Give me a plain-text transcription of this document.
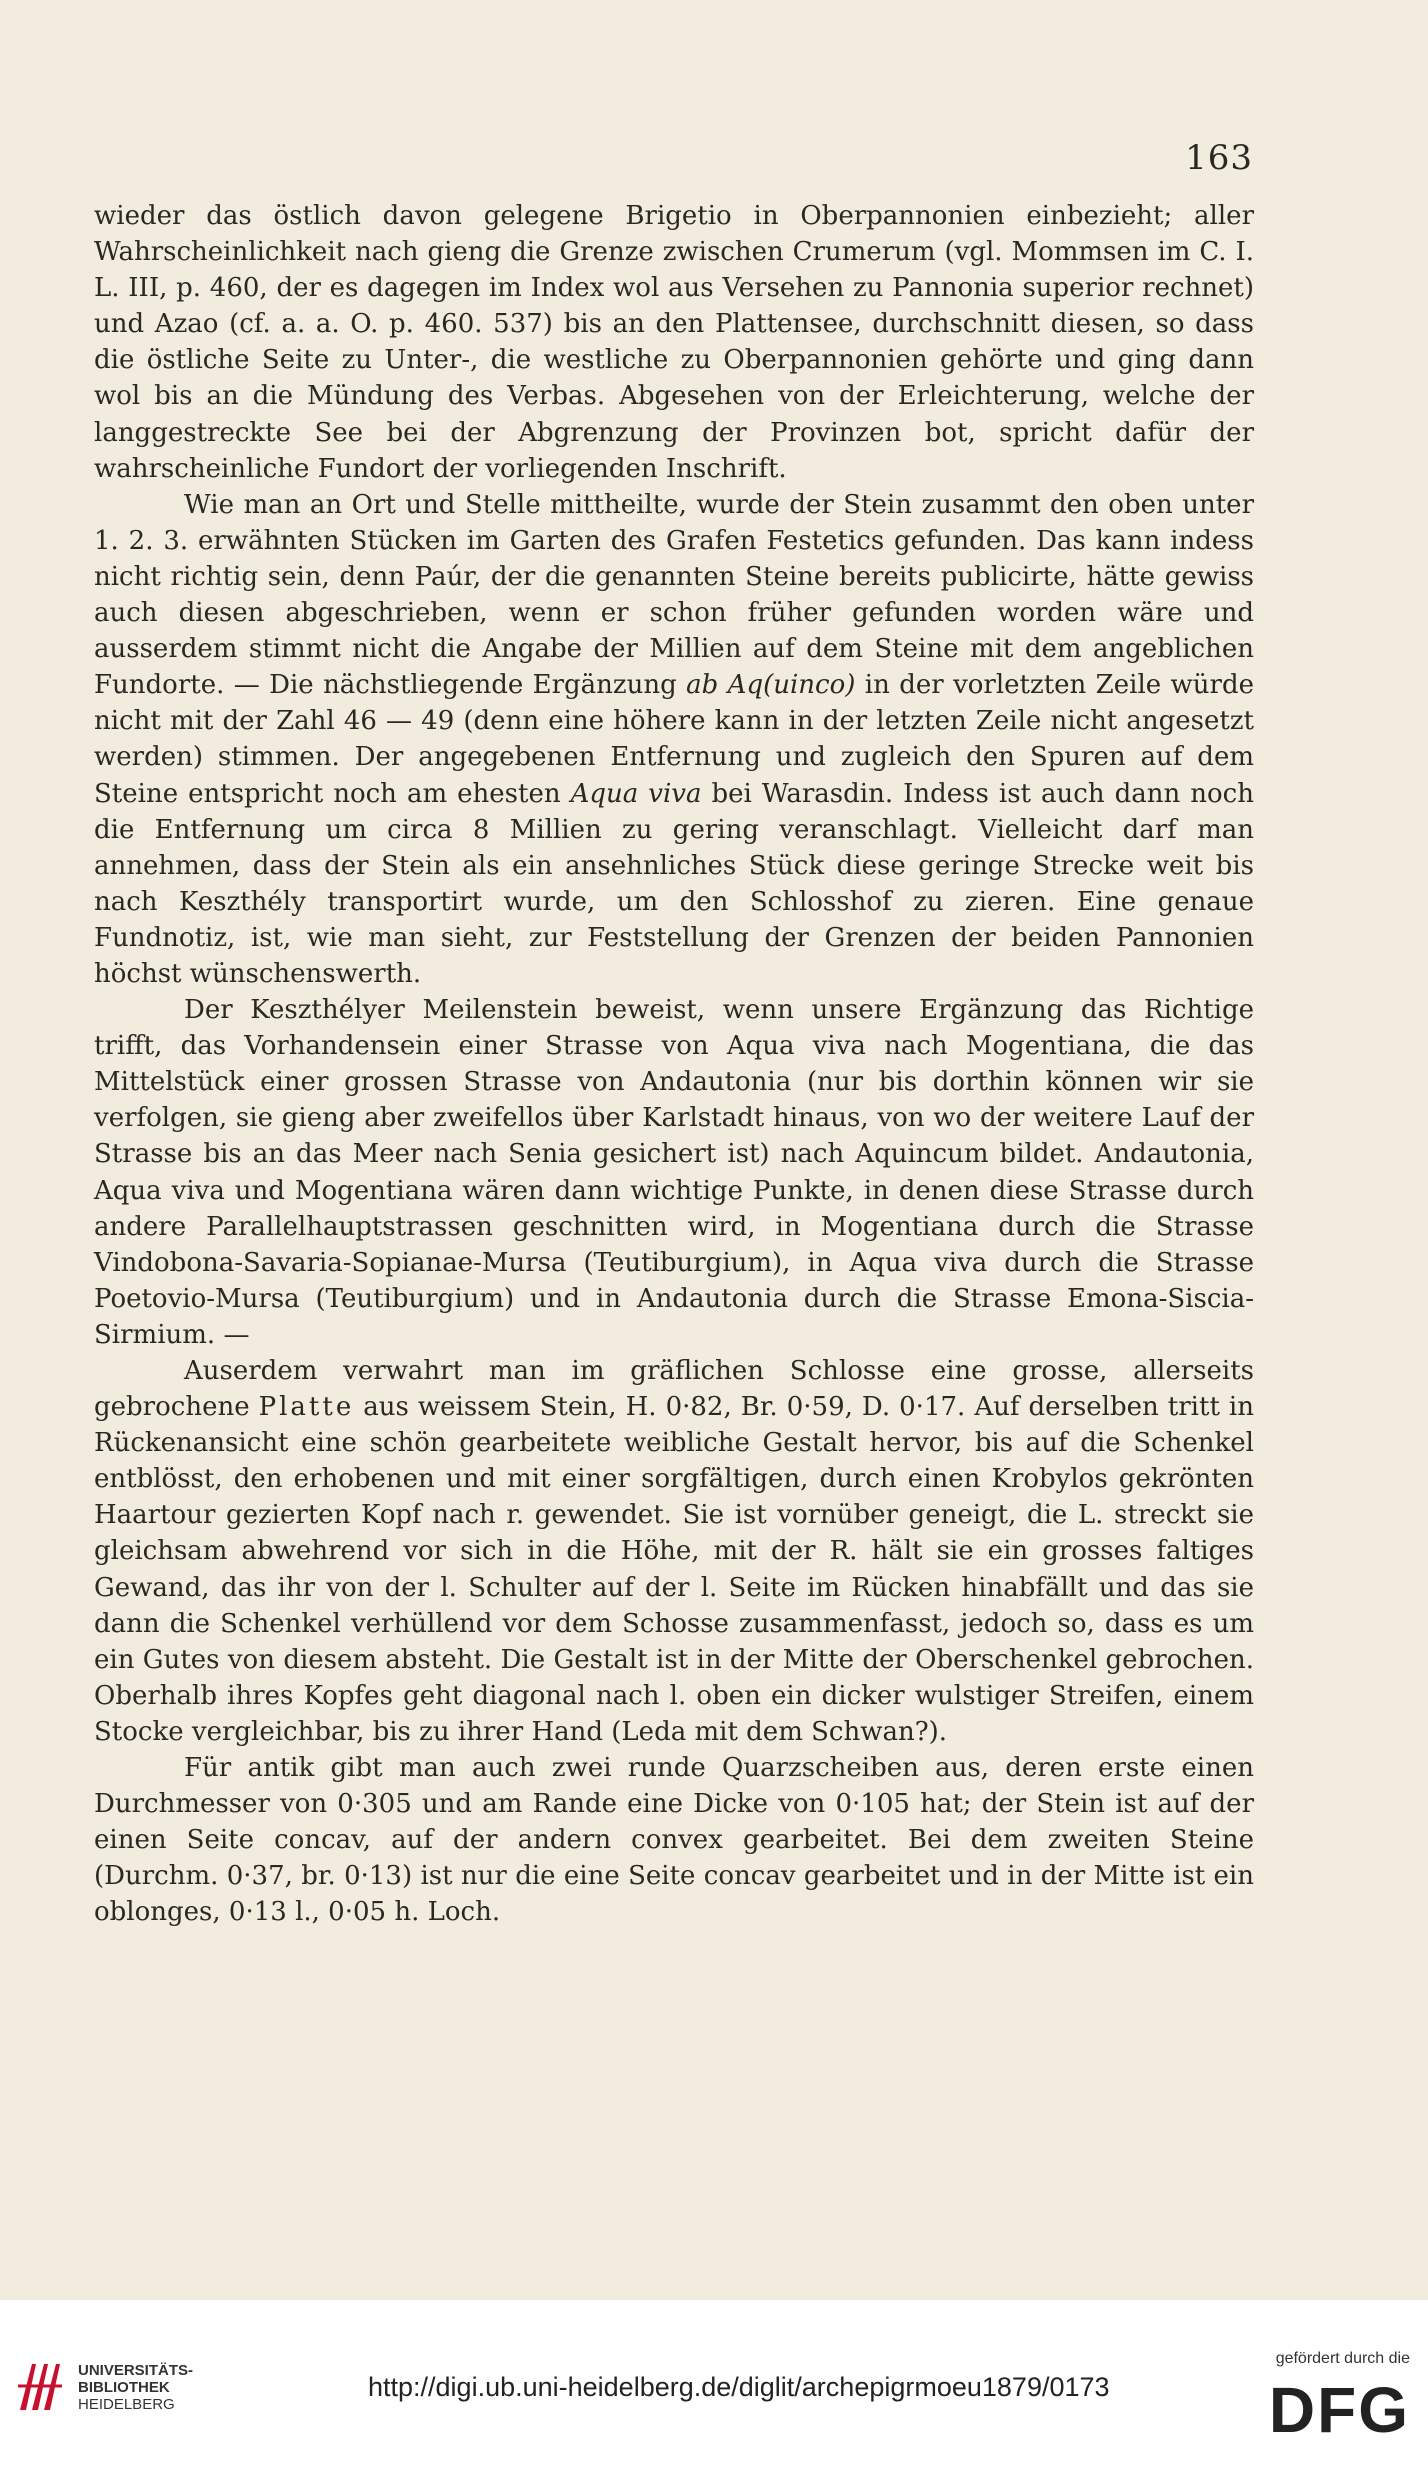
163

wieder das östlich davon gelegene Brigetio in Oberpannonien einbezieht; aller Wahrscheinlichkeit nach gieng die Grenze zwischen Crumerum (vgl. Mommsen im C. I. L. III, p. 460, der es dagegen im Index wol aus Versehen zu Pannonia superior rechnet) und Azao (cf. a. a. O. p. 460. 537) bis an den Plattensee, durchschnitt diesen, so dass die östliche Seite zu Unter-, die westliche zu Oberpannonien gehörte und ging dann wol bis an die Mündung des Verbas. Abgesehen von der Erleichterung, welche der langgestreckte See bei der Abgrenzung der Provinzen bot, spricht dafür der wahrscheinliche Fundort der vorliegenden Inschrift.

Wie man an Ort und Stelle mittheilte, wurde der Stein zusammt den oben unter 1. 2. 3. erwähnten Stücken im Garten des Grafen Festetics gefunden. Das kann indess nicht richtig sein, denn Paúr, der die genannten Steine bereits publicirte, hätte gewiss auch diesen abgeschrieben, wenn er schon früher gefunden worden wäre und ausserdem stimmt nicht die Angabe der Millien auf dem Steine mit dem angeblichen Fundorte. — Die nächstliegende Ergänzung ab Aq(uinco) in der vorletzten Zeile würde nicht mit der Zahl 46 — 49 (denn eine höhere kann in der letzten Zeile nicht angesetzt werden) stimmen. Der angegebenen Entfernung und zugleich den Spuren auf dem Steine entspricht noch am ehesten Aqua viva bei Warasdin. Indess ist auch dann noch die Entfernung um circa 8 Millien zu gering veranschlagt. Vielleicht darf man annehmen, dass der Stein als ein ansehnliches Stück diese geringe Strecke weit bis nach Keszthély transportirt wurde, um den Schlosshof zu zieren. Eine genaue Fundnotiz, ist, wie man sieht, zur Feststellung der Grenzen der beiden Pannonien höchst wünschenswerth.

Der Keszthélyer Meilenstein beweist, wenn unsere Ergänzung das Richtige trifft, das Vorhandensein einer Strasse von Aqua viva nach Mogentiana, die das Mittelstück einer grossen Strasse von Andautonia (nur bis dorthin können wir sie verfolgen, sie gieng aber zweifellos über Karlstadt hinaus, von wo der weitere Lauf der Strasse bis an das Meer nach Senia gesichert ist) nach Aquincum bildet. Andautonia, Aqua viva und Mogentiana wären dann wichtige Punkte, in denen diese Strasse durch andere Parallelhauptstrassen geschnitten wird, in Mogentiana durch die Strasse Vindobona-Savaria-Sopianae-Mursa (Teutiburgium), in Aqua viva durch die Strasse Poetovio-Mursa (Teutiburgium) und in Andautonia durch die Strasse Emona-Siscia-Sirmium. —

Auserdem verwahrt man im gräflichen Schlosse eine grosse, allerseits gebrochene Platte aus weissem Stein, H. 0·82, Br. 0·59, D. 0·17. Auf derselben tritt in Rückenansicht eine schön gearbeitete weibliche Gestalt hervor, bis auf die Schenkel entblösst, den erhobenen und mit einer sorgfältigen, durch einen Krobylos gekrönten Haartour gezierten Kopf nach r. gewendet. Sie ist vornüber geneigt, die L. streckt sie gleichsam abwehrend vor sich in die Höhe, mit der R. hält sie ein grosses faltiges Gewand, das ihr von der l. Schulter auf der l. Seite im Rücken hinabfällt und das sie dann die Schenkel verhüllend vor dem Schosse zusammenfasst, jedoch so, dass es um ein Gutes von diesem absteht. Die Gestalt ist in der Mitte der Oberschenkel gebrochen. Oberhalb ihres Kopfes geht diagonal nach l. oben ein dicker wulstiger Streifen, einem Stocke vergleichbar, bis zu ihrer Hand (Leda mit dem Schwan?).

Für antik gibt man auch zwei runde Quarzscheiben aus, deren erste einen Durchmesser von 0·305 und am Rande eine Dicke von 0·105 hat; der Stein ist auf der einen Seite concav, auf der andern convex gearbeitet. Bei dem zweiten Steine (Durchm. 0·37, br. 0·13) ist nur die eine Seite concav gearbeitet und in der Mitte ist ein oblonges, 0·13 l., 0·05 h. Loch.

UNIVERSITÄTS-
BIBLIOTHEK
HEIDELBERG
http://digi.ub.uni-heidelberg.de/diglit/archepigrmoeu1879/0173
gefördert durch die
DFG
